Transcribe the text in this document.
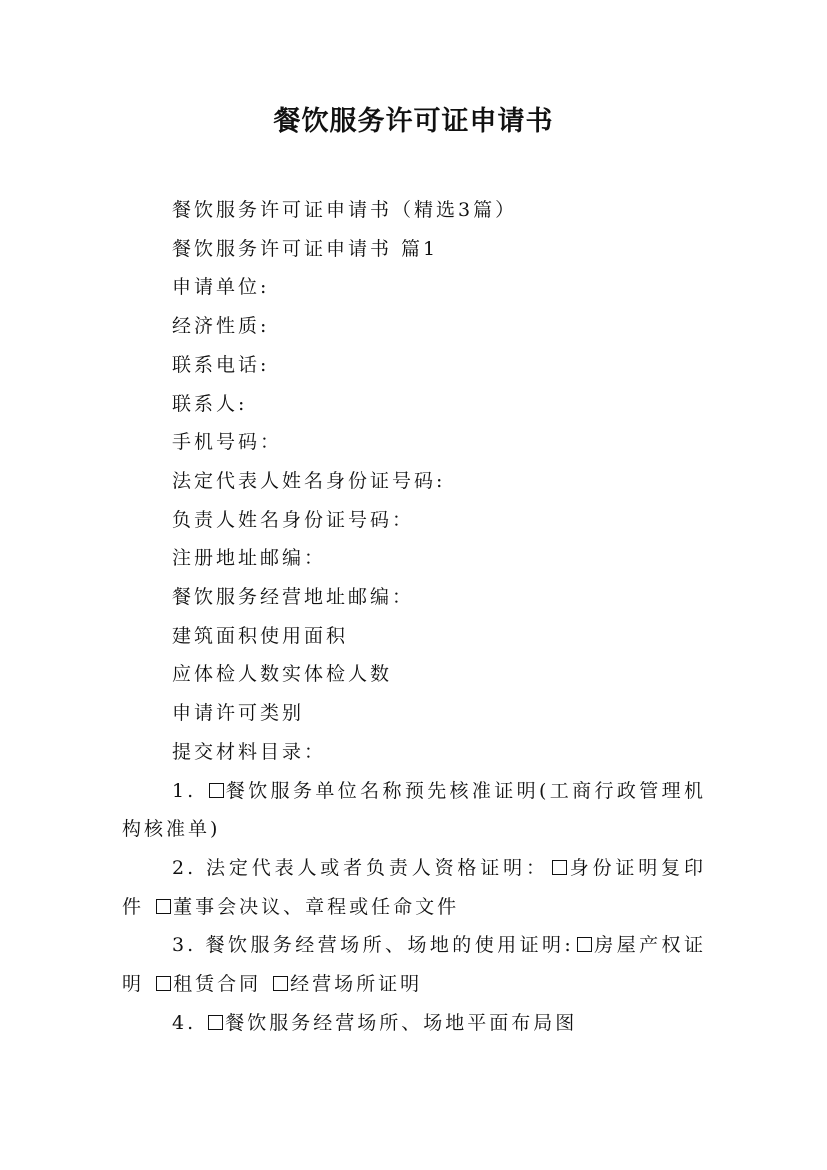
餐饮服务许可证申请书

餐饮服务许可证申请书（精选3篇）

餐饮服务许可证申请书 篇1

申请单位:

经济性质:

联系电话:

联系人:

手机号码：

法定代表人姓名身份证号码:

负责人姓名身份证号码：

注册地址邮编：

餐饮服务经营地址邮编：

建筑面积使用面积

应体检人数实体检人数

申请许可类别

提交材料目录：

1. 餐饮服务单位名称预先核准证明(工商行政管理机构核准单)

2. 法定代表人或者负责人资格证明： 身份证明复印件 董事会决议、章程或任命文件

3. 餐饮服务经营场所、场地的使用证明: 房屋产权证明 租赁合同 经营场所证明

4. 餐饮服务经营场所、场地平面布局图
